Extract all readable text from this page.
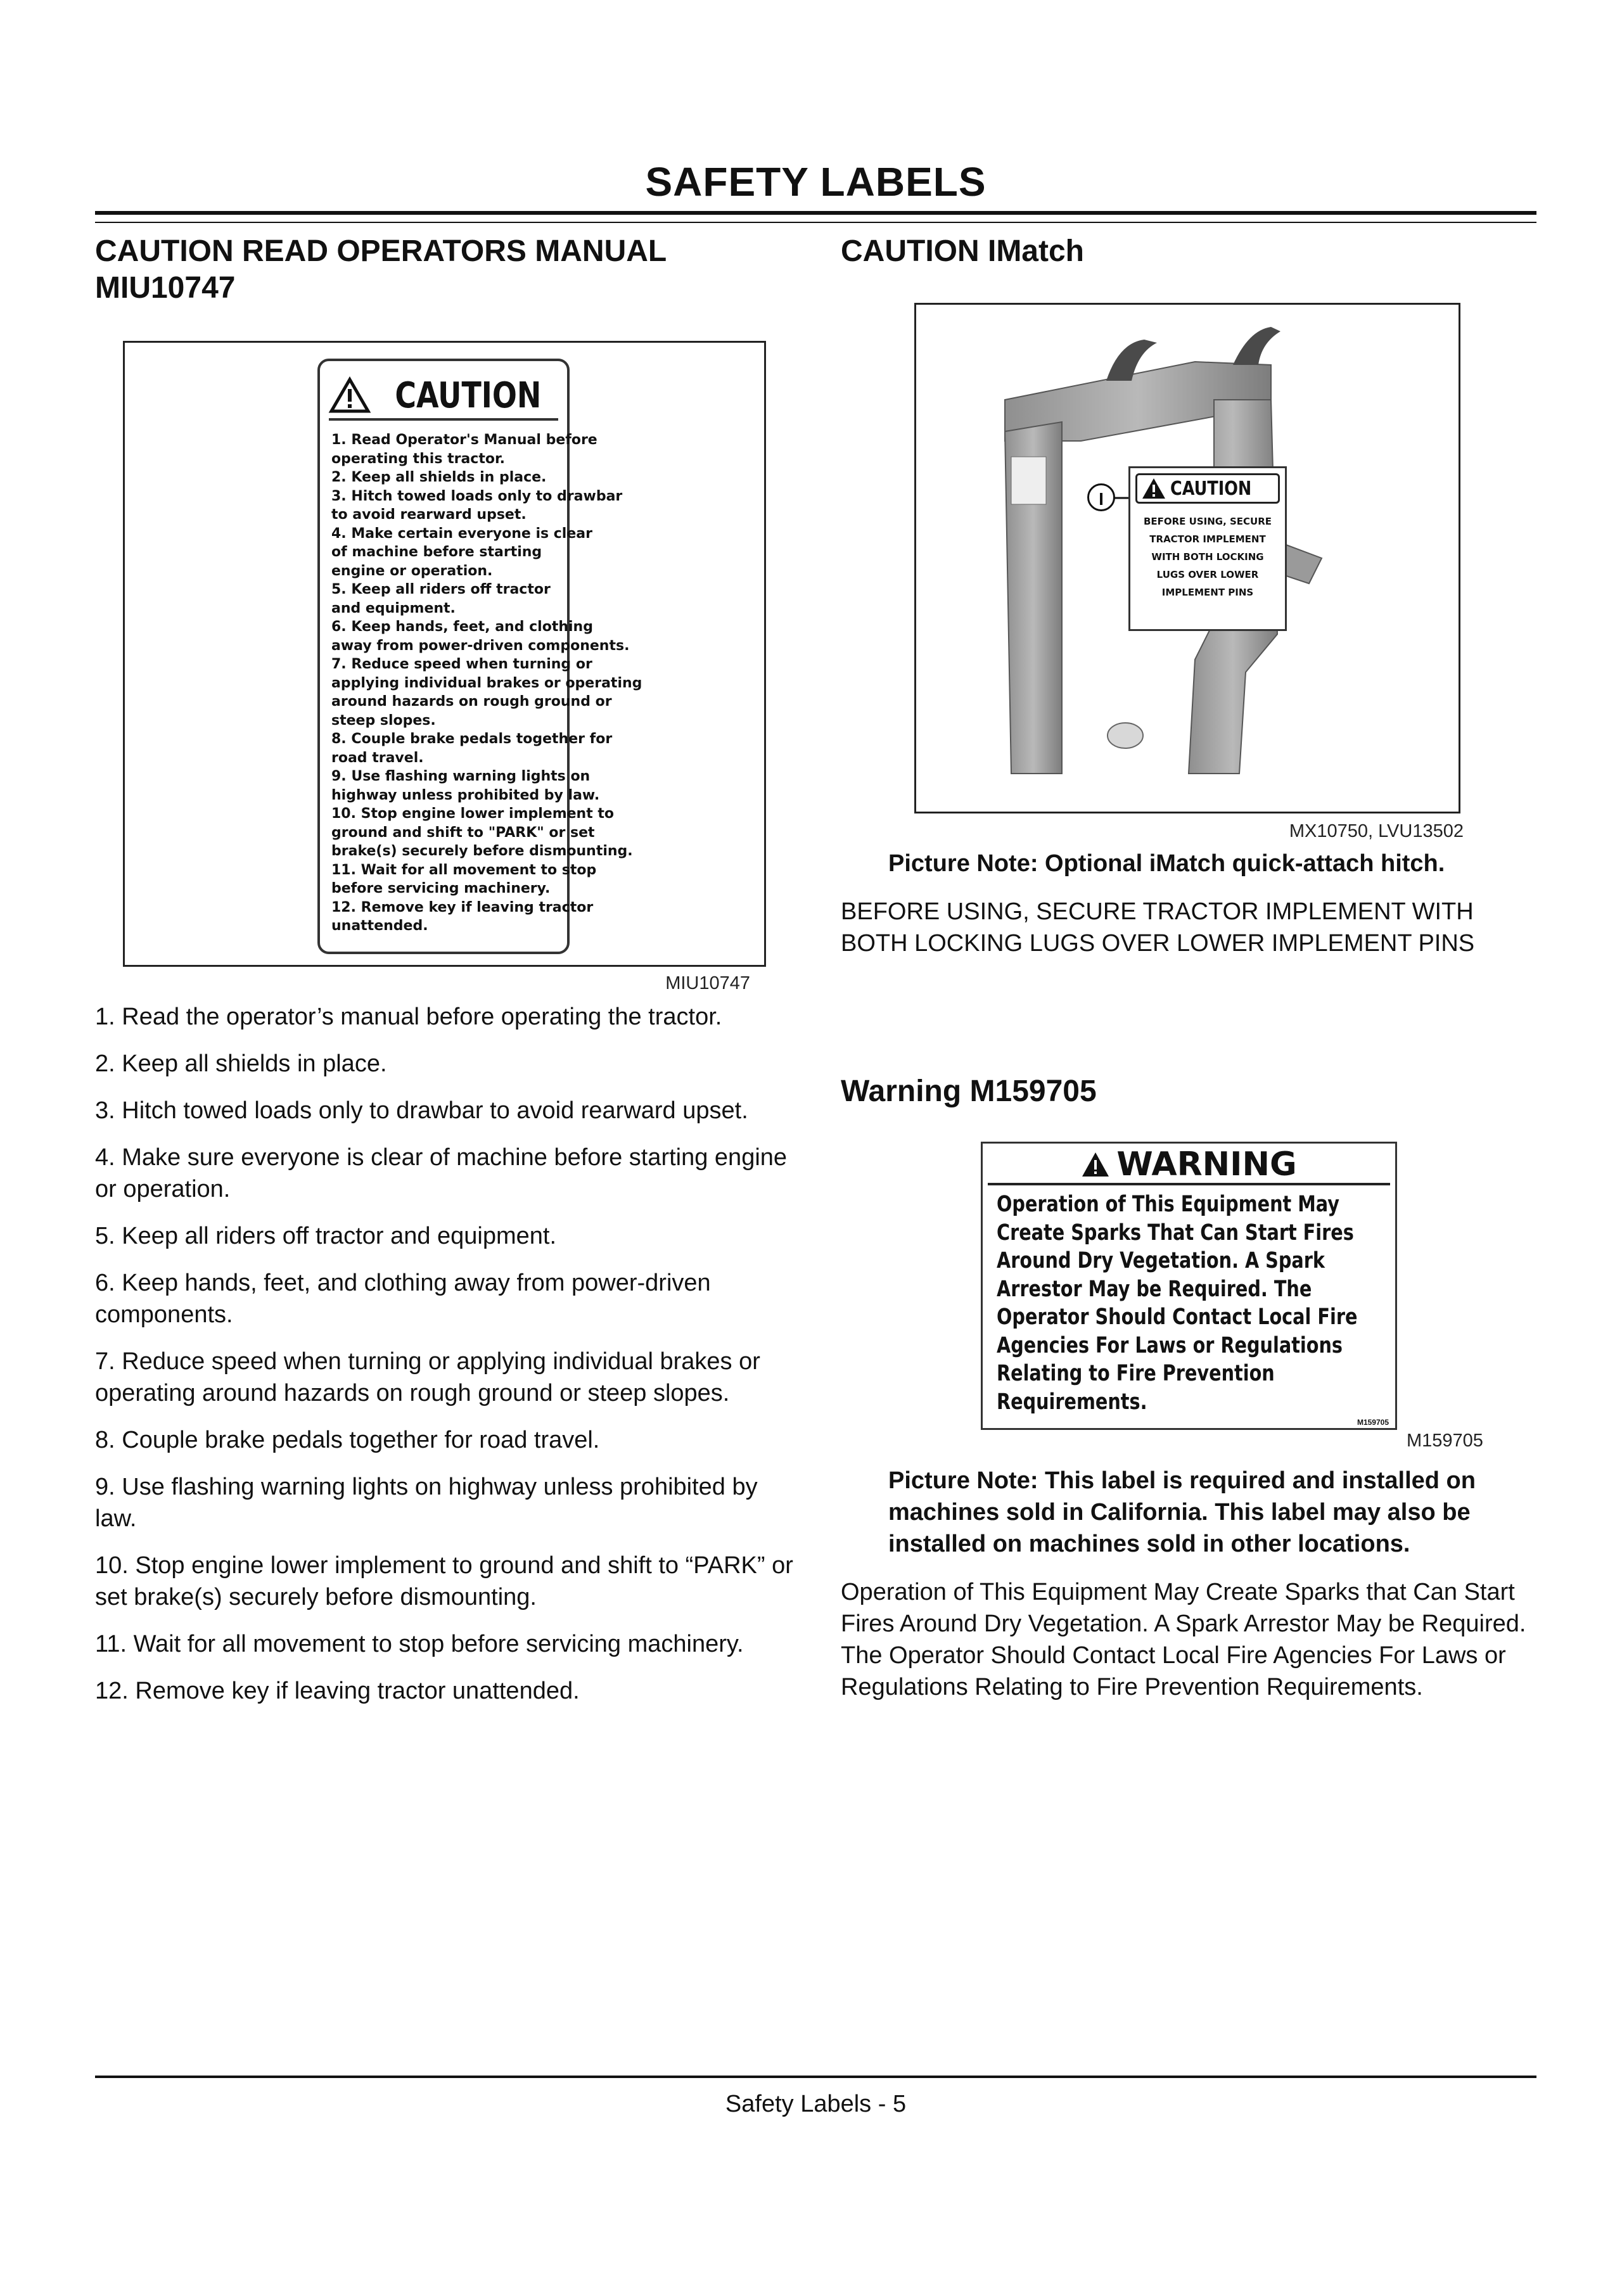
SAFETY LABELS
CAUTION READ OPERATORS MANUAL MIU10747
CAUTION
1. Read Operator's Manual before
operating this tractor.
2. Keep all shields in place.
3. Hitch towed loads only to drawbar
to avoid rearward upset.
4. Make certain everyone is clear
of machine before starting
engine or operation.
5. Keep all riders off tractor
and equipment.
6. Keep hands, feet, and clothing
away from power-driven components.
7. Reduce speed when turning or
applying individual brakes or operating
around hazards on rough ground or
steep slopes.
8. Couple brake pedals together for
road travel.
9. Use flashing warning lights on
highway unless prohibited by law.
10. Stop engine lower implement to
ground and shift to "PARK" or set
brake(s) securely before dismounting.
11. Wait for all movement to stop
before servicing machinery.
12. Remove key if leaving tractor
unattended.
MIU10747

1. Read the operator’s manual before operating the tractor.

2. Keep all shields in place.

3. Hitch towed loads only to drawbar to avoid rearward upset.

4. Make sure everyone is clear of machine before starting engine or operation.

5. Keep all riders off tractor and equipment.

6. Keep hands, feet, and clothing away from power-driven components.

7. Reduce speed when turning or applying individual brakes or operating around hazards on rough ground or steep slopes.

8. Couple brake pedals together for road travel.

9. Use flashing warning lights on highway unless prohibited by law.

10. Stop engine lower implement to ground and shift to “PARK” or set brake(s) securely before dismounting.

11. Wait for all movement to stop before servicing machinery.

12. Remove key if leaving tractor unattended.

CAUTION IMatch
I	CAUTION
BEFORE USING, SECURE
TRACTOR IMPLEMENT
WITH BOTH LOCKING
LUGS OVER LOWER
IMPLEMENT PINS
MX10750, LVU13502
Picture Note: Optional iMatch quick-attach hitch.
BEFORE USING, SECURE TRACTOR IMPLEMENT WITH BOTH LOCKING LUGS OVER LOWER IMPLEMENT PINS
Warning M159705
WARNING
Operation of This Equipment May
Create Sparks That Can Start Fires
Around Dry Vegetation. A Spark
Arrestor May be Required. The
Operator Should Contact Local Fire
Agencies For Laws or Regulations
Relating to Fire Prevention
Requirements.
M159705
M159705
Picture Note: This label is required and installed on machines sold in California. This label may also be installed on machines sold in other locations.
Operation of This Equipment May Create Sparks that Can Start Fires Around Dry Vegetation. A Spark Arrestor May be Required. The Operator Should Contact Local Fire Agencies For Laws or Regulations Relating to Fire Prevention Requirements.
Safety Labels - 5
